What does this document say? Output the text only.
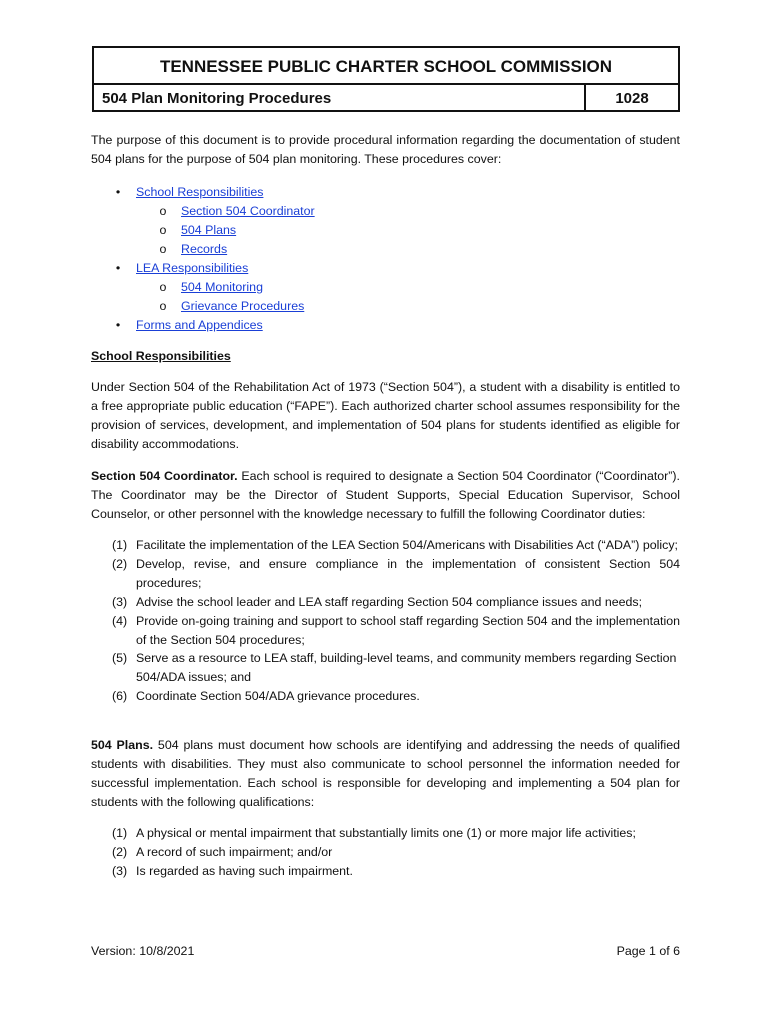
TENNESSEE PUBLIC CHARTER SCHOOL COMMISSION
504 Plan Monitoring Procedures	1028
The purpose of this document is to provide procedural information regarding the documentation of student 504 plans for the purpose of 504 plan monitoring. These procedures cover:
• School Responsibilities
o Section 504 Coordinator
o 504 Plans
o Records
• LEA Responsibilities
o 504 Monitoring
o Grievance Procedures
• Forms and Appendices
School Responsibilities
Under Section 504 of the Rehabilitation Act of 1973 (“Section 504”), a student with a disability is entitled to a free appropriate public education (“FAPE”). Each authorized charter school assumes responsibility for the provision of services, development, and implementation of 504 plans for students identified as eligible for disability accommodations.
Section 504 Coordinator. Each school is required to designate a Section 504 Coordinator (“Coordinator”). The Coordinator may be the Director of Student Supports, Special Education Supervisor, School Counselor, or other personnel with the knowledge necessary to fulfill the following Coordinator duties:
(1) Facilitate the implementation of the LEA Section 504/Americans with Disabilities Act (“ADA”) policy;
(2) Develop, revise, and ensure compliance in the implementation of consistent Section 504 procedures;
(3) Advise the school leader and LEA staff regarding Section 504 compliance issues and needs;
(4) Provide on-going training and support to school staff regarding Section 504 and the implementation of the Section 504 procedures;
(5) Serve as a resource to LEA staff, building-level teams, and community members regarding Section 504/ADA issues; and
(6) Coordinate Section 504/ADA grievance procedures.
504 Plans. 504 plans must document how schools are identifying and addressing the needs of qualified students with disabilities. They must also communicate to school personnel the information needed for successful implementation. Each school is responsible for developing and implementing a 504 plan for students with the following qualifications:
(1) A physical or mental impairment that substantially limits one (1) or more major life activities;
(2) A record of such impairment; and/or
(3) Is regarded as having such impairment.
Version: 10/8/2021	Page 1 of 6
